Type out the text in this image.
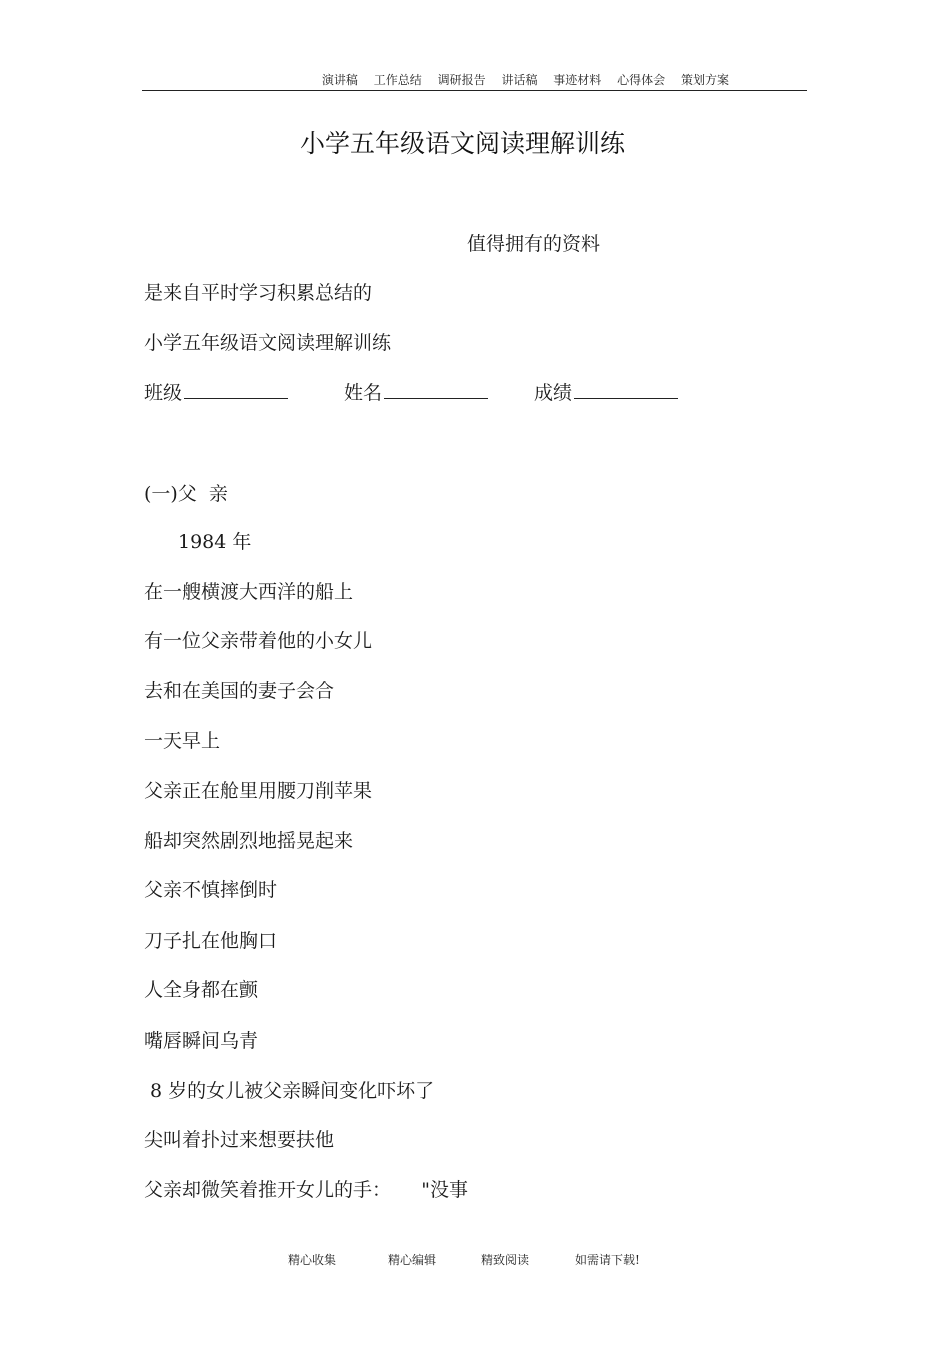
演讲稿 工作总结 调研报告 讲话稿 事迹材料 心得体会 策划方案
小学五年级语文阅读理解训练
值得拥有的资料
是来自平时学习积累总结的
小学五年级语文阅读理解训练
班级	姓名	成绩
(一)父  亲
1984 年
在一艘横渡大西洋的船上
有一位父亲带着他的小女儿
去和在美国的妻子会合
一天早上
父亲正在舱里用腰刀削苹果
船却突然剧烈地摇晃起来
父亲不慎摔倒时
刀子扎在他胸口
人全身都在颤
嘴唇瞬间乌青
8 岁的女儿被父亲瞬间变化吓坏了
尖叫着扑过来想要扶他
父亲却微笑着推开女儿的手：     "没事
精心收集	精心编辑	精致阅读	如需请下载!
